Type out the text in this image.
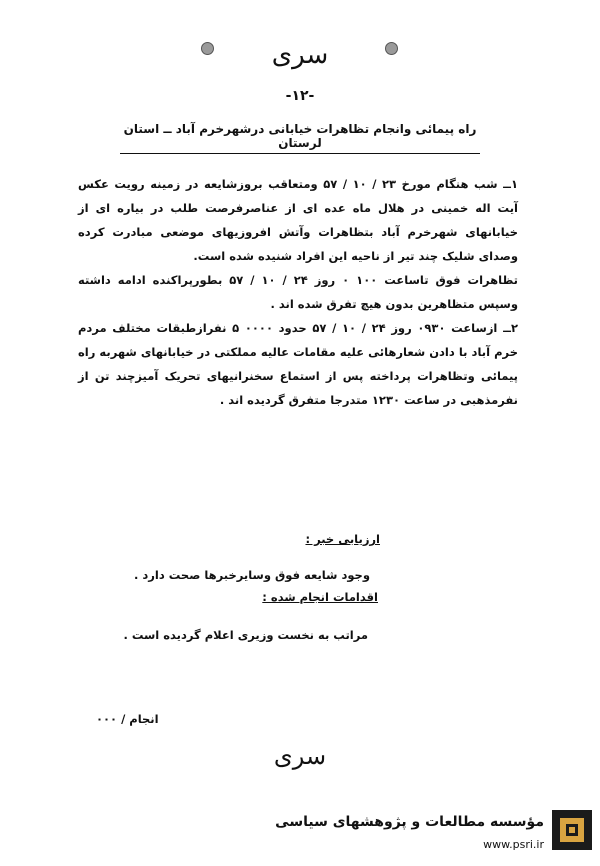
سری
-۱۲-
راه پیمائی وانجام تظاهرات خیابانی درشهرخرم آباد ــ استان لرستان

۱ــ شب هنگام مورخ ۲۳ / ۱۰ / ۵۷ ومتعاقب بروزشایعه در زمینه رویت عکس آیت اله خمینی در هلال ماه عده ای از عناصرفرصت طلب در بیاره ای از خیابانهای شهرخرم آباد بتظاهرات وآتش افروزیهای موضعی مبادرت کرده وصدای شلیک چند تیر از ناحیه این افراد شنیده شده است.

تظاهرات فوق تاساعت ۱۰۰ ۰ روز ۲۴ / ۱۰ / ۵۷ بطورپراکنده ادامه داشته وسپس متظاهرین بدون هیچ تفرق شده اند .

۲ــ ازساعت ۰۹۳۰ روز ۲۴ / ۱۰ / ۵۷ حدود ۰۰۰۰ ۵ نفرازطبقات مختلف مردم خرم آباد با دادن شعارهائی علیه مقامات عالیه مملکتی در خیابانهای شهربه راه پیمائی وتظاهرات پرداخته پس از استماع سخنرانیهای تحریک آمیزچند تن از نفرمذهبی در ساعت ۱۲۳۰ متدرجا متفرق گردیده اند .

ارزیابی خبر :
وجود شایعه فوق وسایرخبرها صحت دارد .
اقدامات انجام شده :
مراتب به نخست وزیری اعلام گردیده است .
انجام / ۰۰۰
سری
مؤسسه مطالعات و پژوهشهای سیاسی
www.psri.ir
